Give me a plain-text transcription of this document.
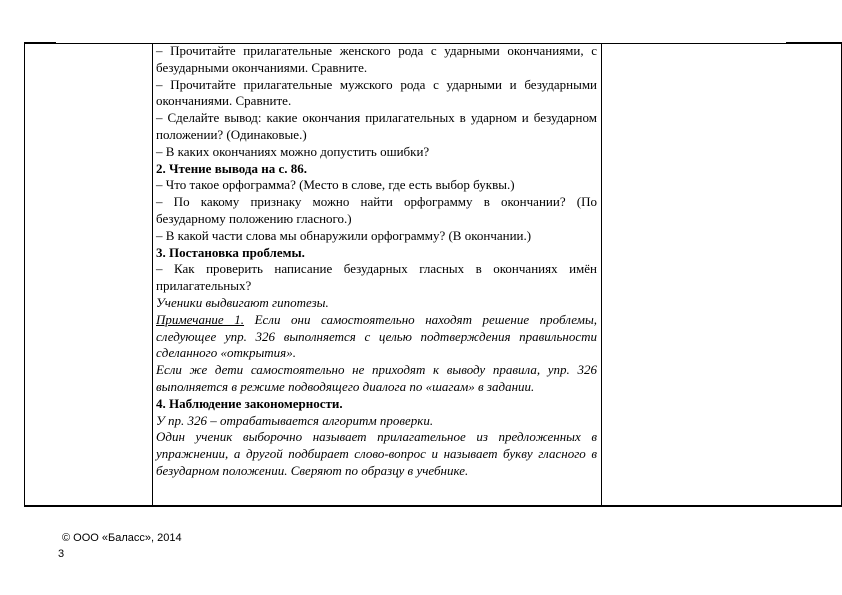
– Прочитайте прилагательные женского рода с ударными окончаниями, с безударными окончаниями. Сравните.

– Прочитайте прилагательные мужского рода с ударными и безударными окончаниями. Сравните.

– Сделайте вывод: какие окончания прилагательных в ударном и безударном положении? (Одинаковые.)

– В каких окончаниях можно допустить ошибки?

2. Чтение вывода на с. 86.

– Что такое орфограмма? (Место в слове, где есть выбор буквы.)

– По какому признаку можно найти орфограмму в окончании? (По безударному положению гласного.)

– В какой части слова мы обнаружили орфограмму? (В окончании.)

3. Постановка проблемы.

– Как проверить написание безударных гласных в окончаниях имён прилагательных?

Ученики выдвигают гипотезы.

Примечание 1. Если они самостоятельно находят решение проблемы, следующее упр. 326 выполняется с целью подтверждения правильности сделанного «открытия».

Если же дети самостоятельно не приходят к выводу правила, упр. 326 выполняется в режиме подводящего диалога по «шагам» в задании.

4. Наблюдение закономерности.

У пр. 326 – отрабатывается алгоритм проверки.

Один ученик выборочно называет прилагательное из предложенных в упражнении, а другой подбирает слово-вопрос и называет букву гласного в безударном положении. Сверяют по образцу в учебнике.

© ООО «Баласс», 2014
3
